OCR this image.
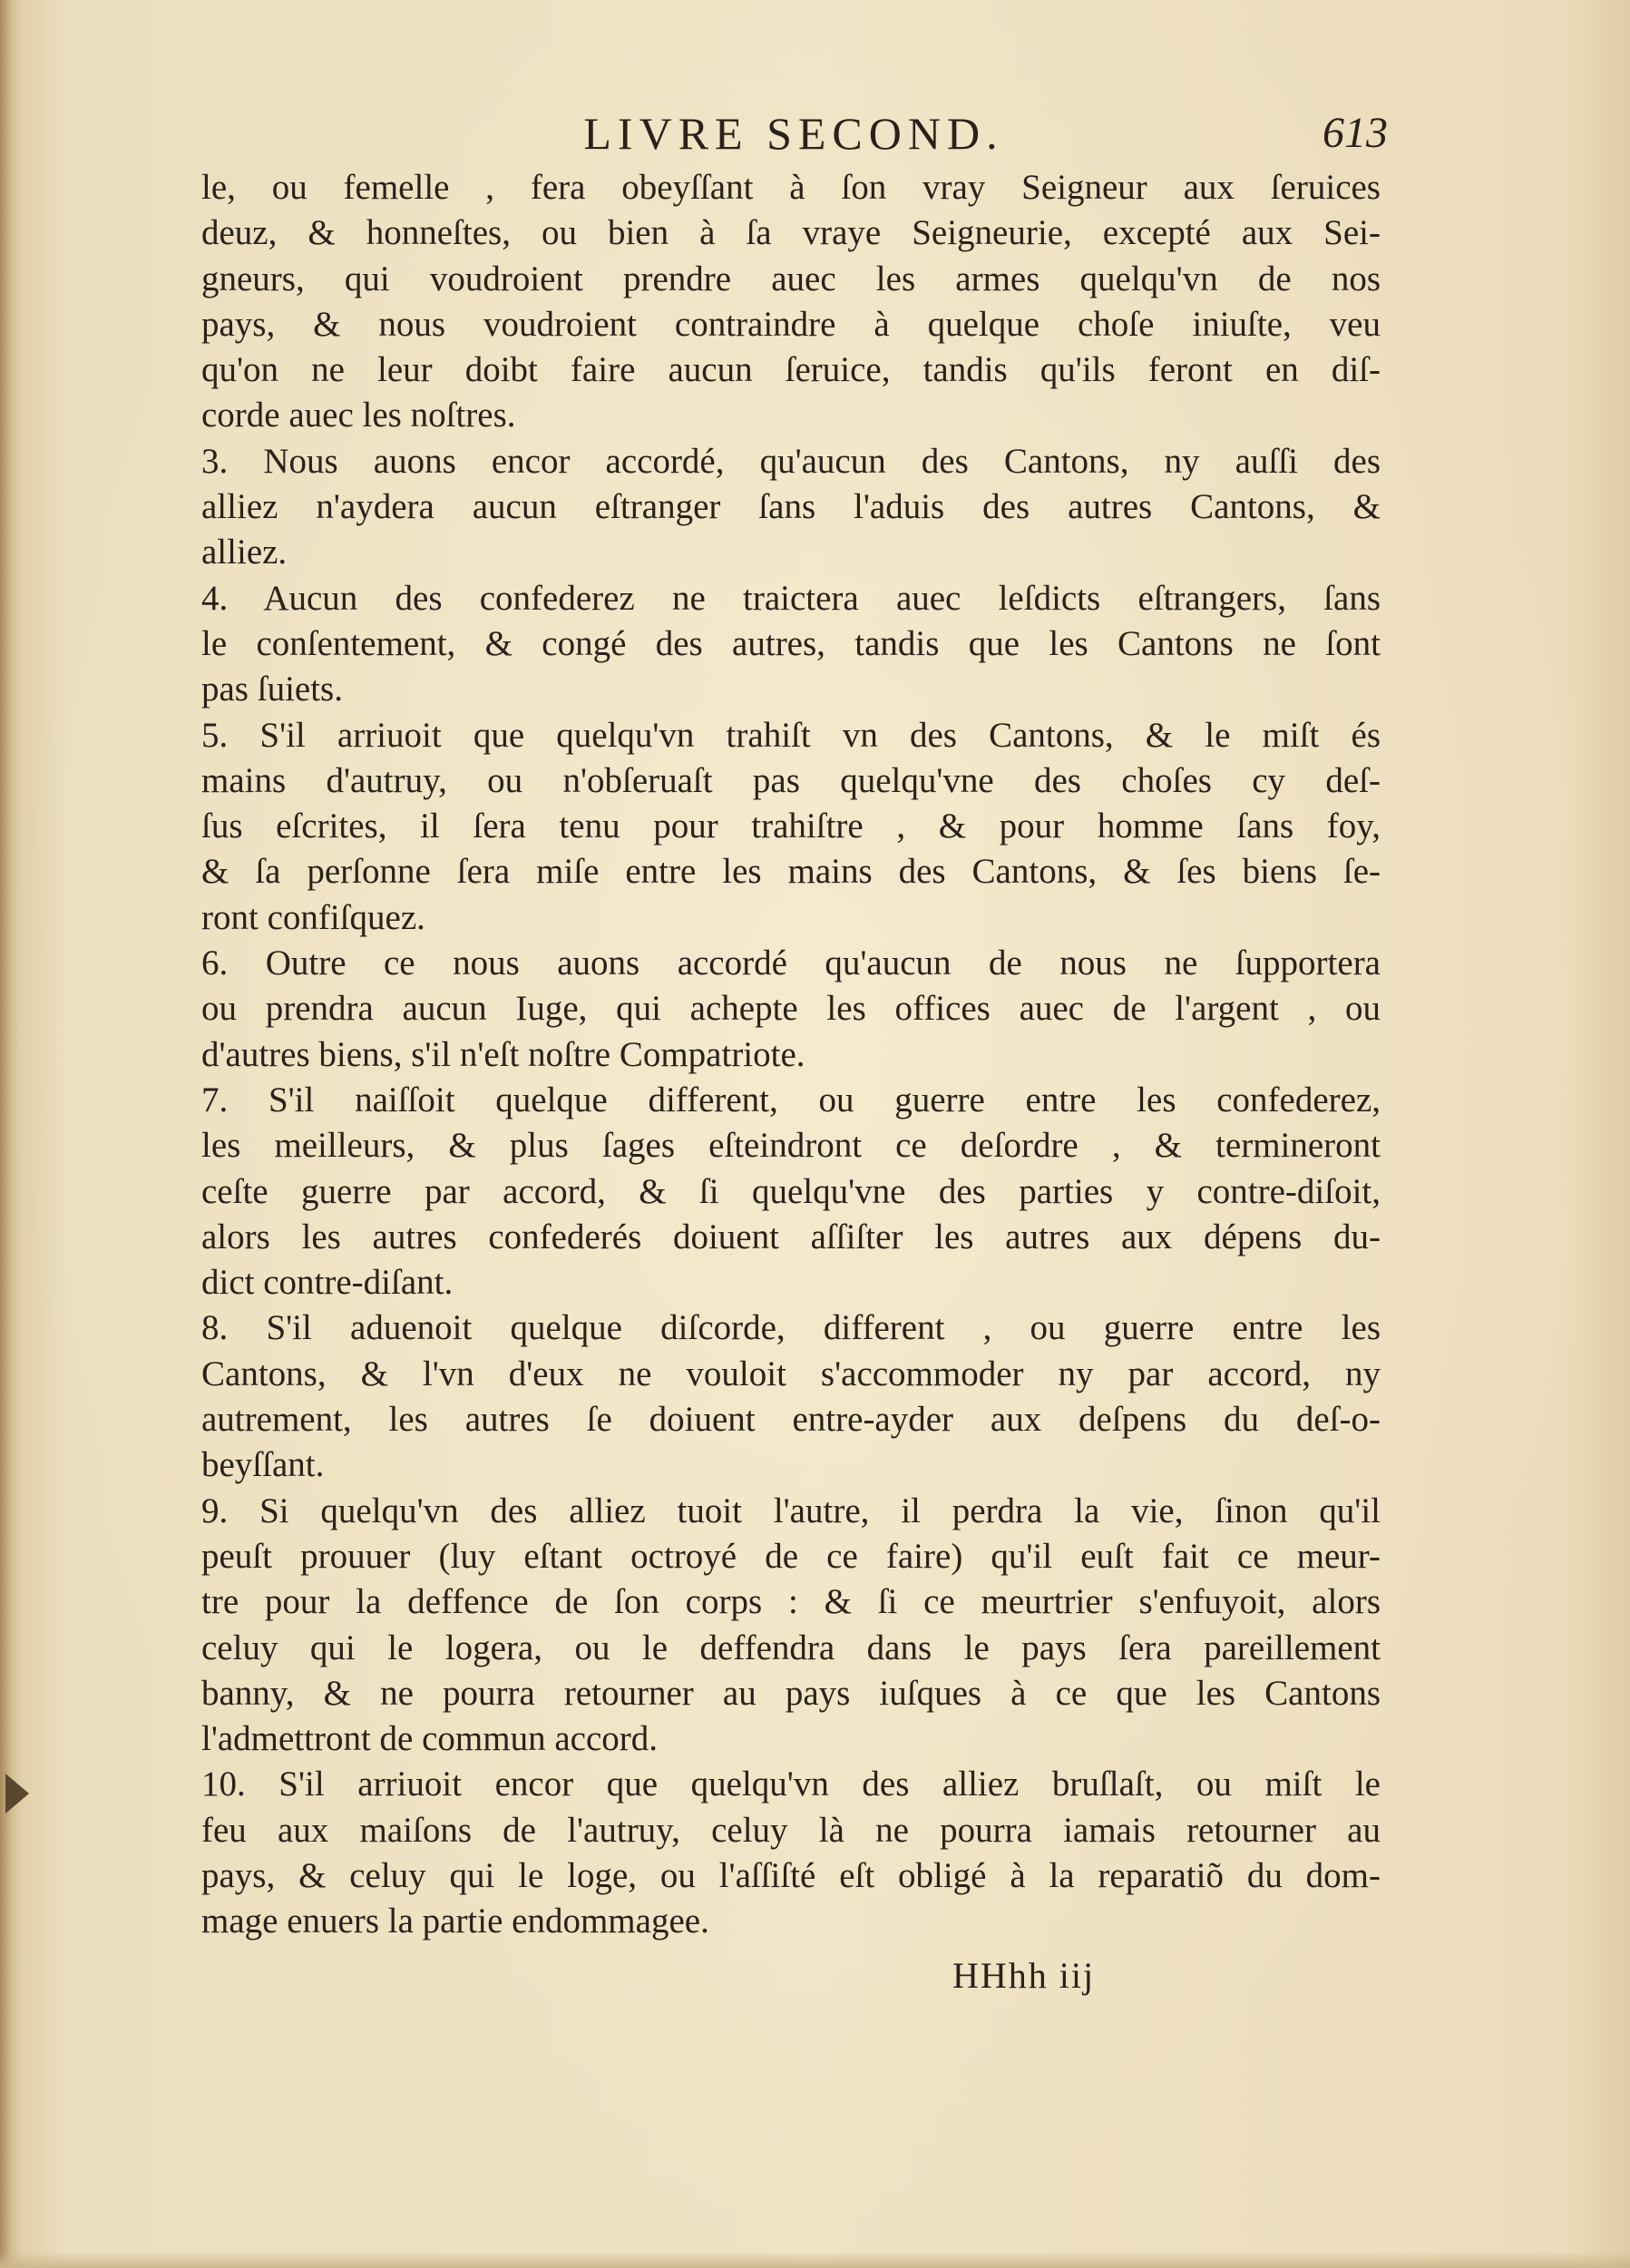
LIVRE SECOND.	613
le, ou femelle , fera obeyſſant à ſon vray Seigneur aux ſeruices
deuz, & honneſtes, ou bien à ſa vraye Seigneurie, excepté aux Sei-
gneurs, qui voudroient prendre auec les armes quelqu'vn de nos
pays, & nous voudroient contraindre à quelque choſe iniuſte, veu
qu'on ne leur doibt faire aucun ſeruice, tandis qu'ils feront en diſ-
corde auec les noſtres.
3. Nous auons encor accordé, qu'aucun des Cantons, ny auſſi des
alliez n'aydera aucun eſtranger ſans l'aduis des autres Cantons, &
alliez.
4. Aucun des confederez ne traictera auec leſdicts eſtrangers, ſans
le conſentement, & congé des autres, tandis que les Cantons ne ſont
pas ſuiets.
5. S'il arriuoit que quelqu'vn trahiſt vn des Cantons, & le miſt és
mains d'autruy, ou n'obſeruaſt pas quelqu'vne des choſes cy deſ-
ſus eſcrites, il ſera tenu pour trahiſtre , & pour homme ſans foy,
& ſa perſonne ſera miſe entre les mains des Cantons, & ſes biens ſe-
ront confiſquez.
6. Outre ce nous auons accordé qu'aucun de nous ne ſupportera
ou prendra aucun Iuge, qui achepte les offices auec de l'argent , ou
d'autres biens, s'il n'eſt noſtre Compatriote.
7. S'il naiſſoit quelque different, ou guerre entre les confederez,
les meilleurs, & plus ſages eſteindront ce deſordre , & termineront
ceſte guerre par accord, & ſi quelqu'vne des parties y contre-diſoit,
alors les autres confederés doiuent aſſiſter les autres aux dépens du-
dict contre-diſant.
8. S'il aduenoit quelque diſcorde, different , ou guerre entre les
Cantons, & l'vn d'eux ne vouloit s'accommoder ny par accord, ny
autrement, les autres ſe doiuent entre-ayder aux deſpens du deſ-o-
beyſſant.
9. Si quelqu'vn des alliez tuoit l'autre, il perdra la vie, ſinon qu'il
peuſt prouuer (luy eſtant octroyé de ce faire) qu'il euſt fait ce meur-
tre pour la deffence de ſon corps : & ſi ce meurtrier s'enfuyoit, alors
celuy qui le logera, ou le deffendra dans le pays ſera pareillement
banny, & ne pourra retourner au pays iuſques à ce que les Cantons
l'admettront de commun accord.
10. S'il arriuoit encor que quelqu'vn des alliez bruſlaſt, ou miſt le
feu aux maiſons de l'autruy, celuy là ne pourra iamais retourner au
pays, & celuy qui le loge, ou l'aſſiſté eſt obligé à la reparatiõ du dom-
mage enuers la partie endommagee.
HHhh iij
